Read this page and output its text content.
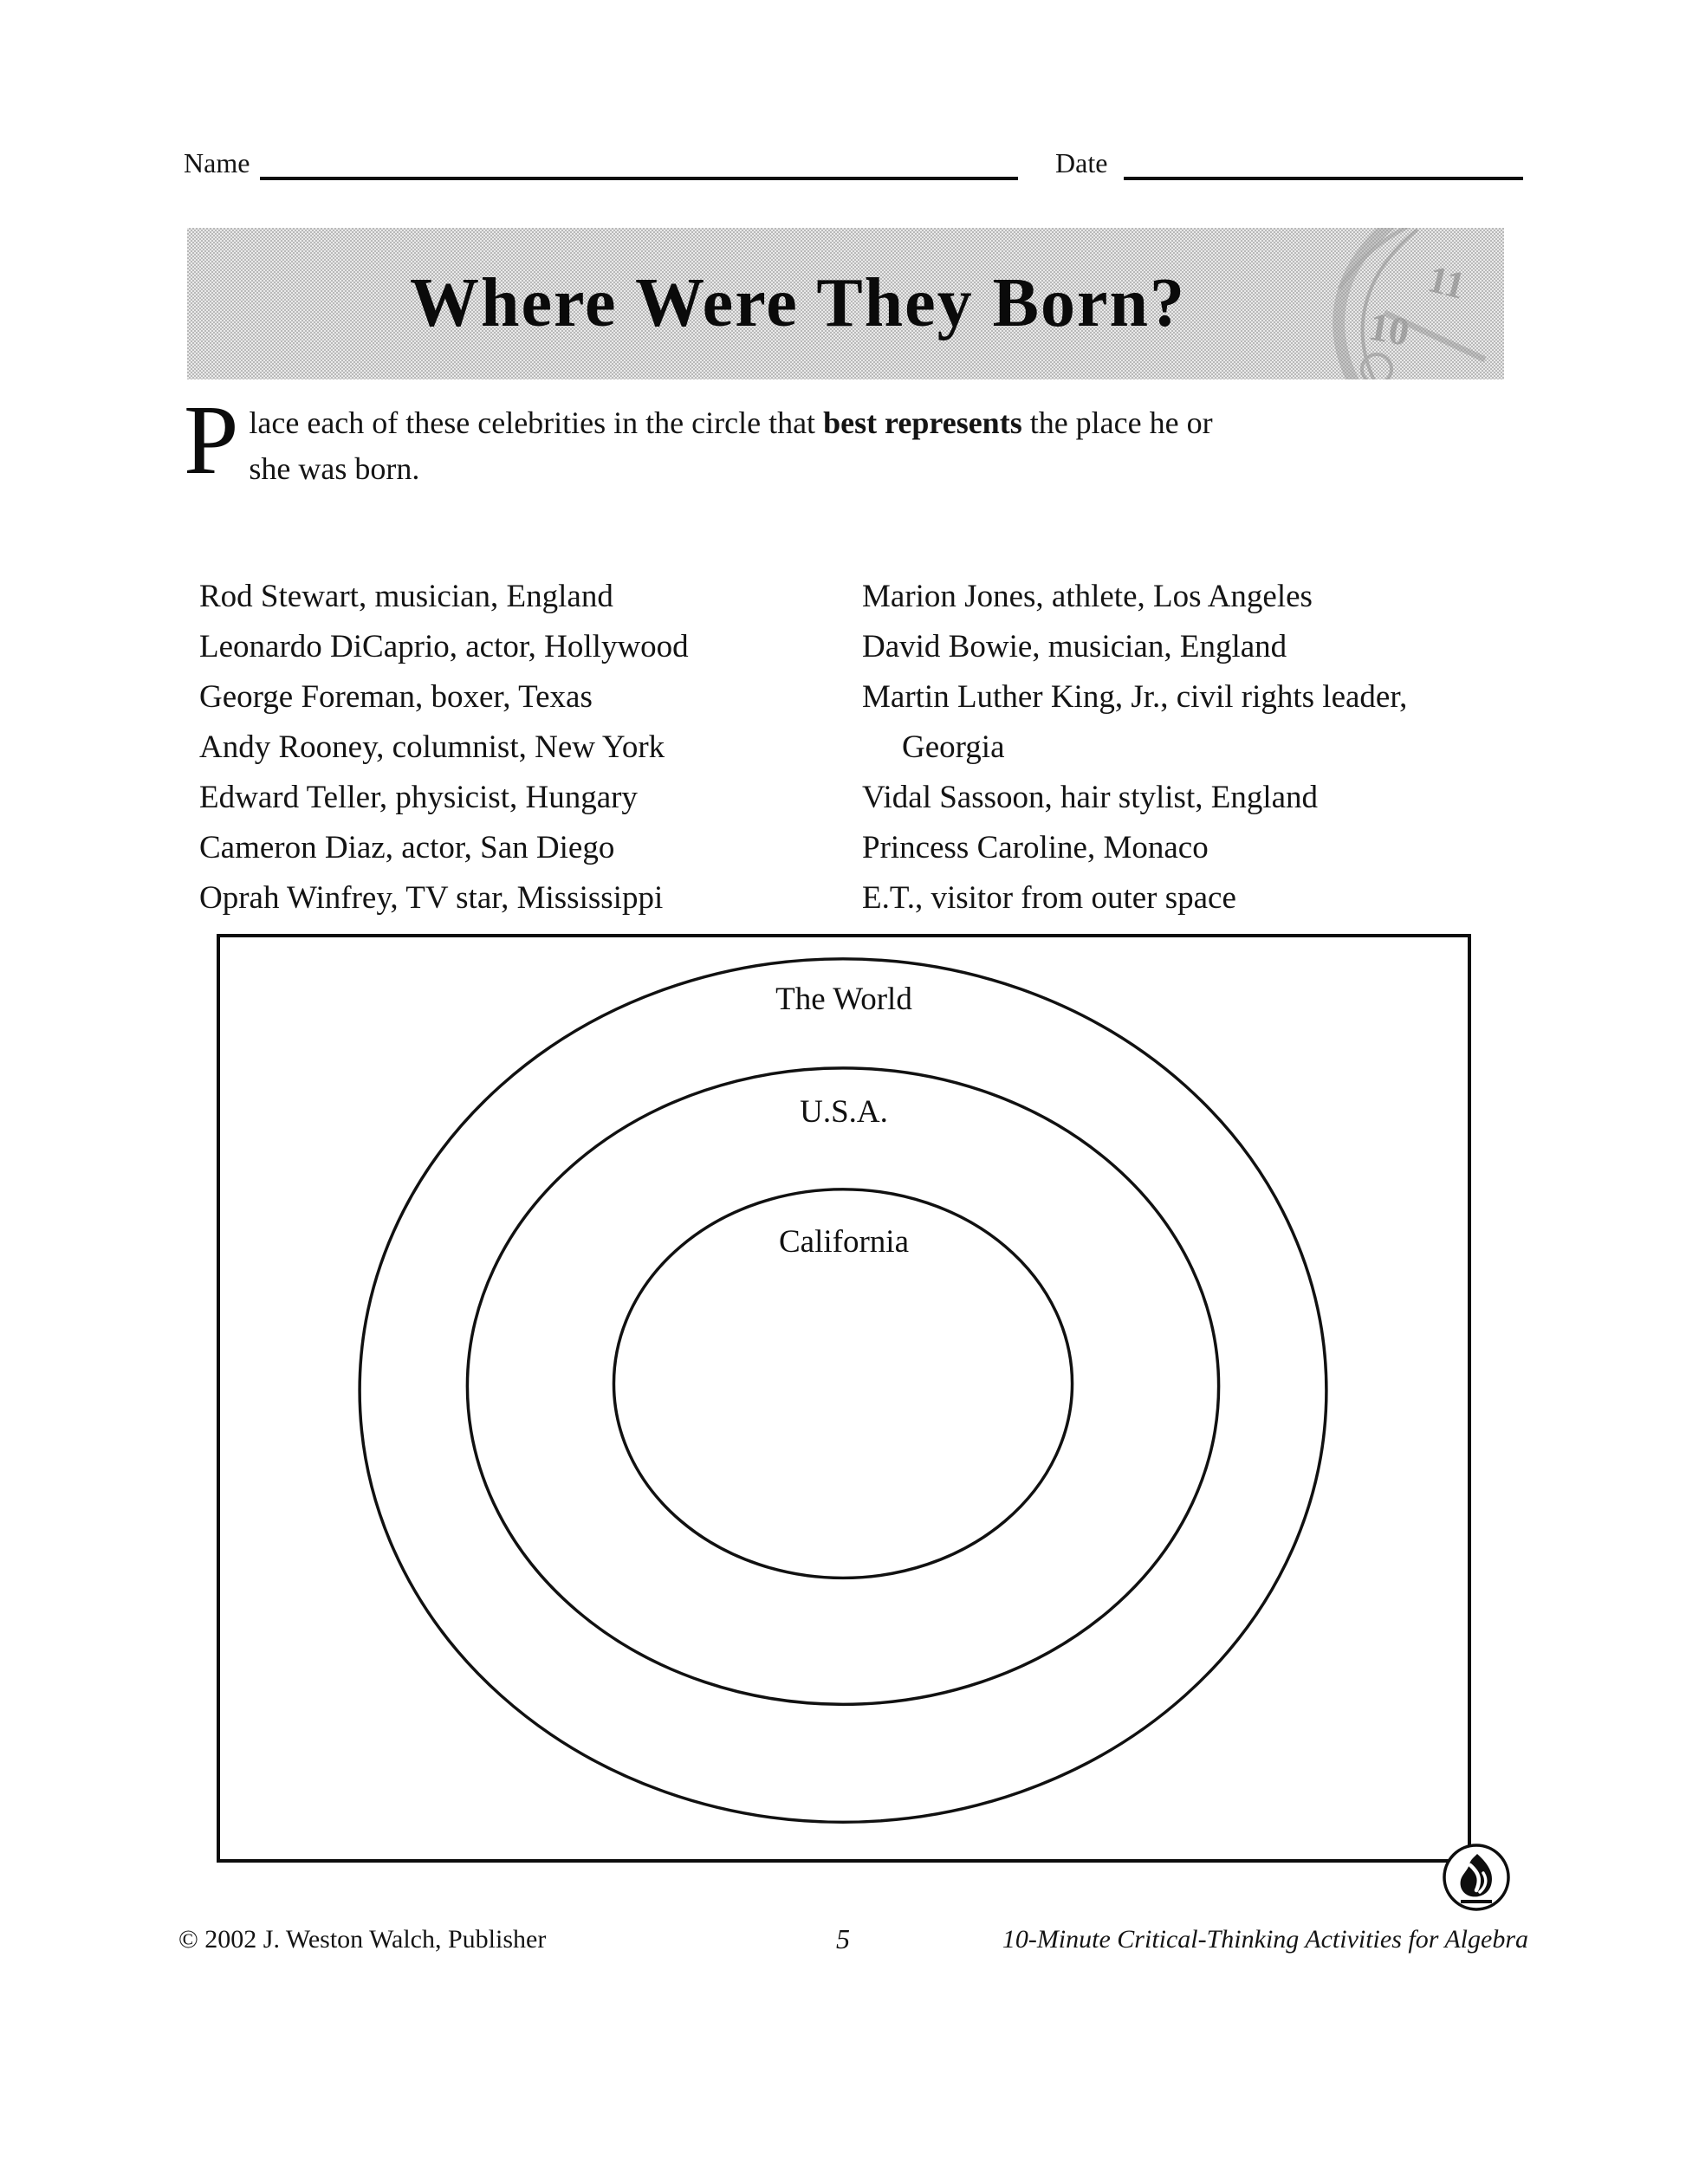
Name	Date
Where Were They Born?	11
10
P lace each of these celebrities in the circle that best represents the place he or
she was born.
Rod Stewart, musician, England
Leonardo DiCaprio, actor, Hollywood
George Foreman, boxer, Texas
Andy Rooney, columnist, New York
Edward Teller, physicist, Hungary
Cameron Diaz, actor, San Diego
Oprah Winfrey, TV star, Mississippi
Marion Jones, athlete, Los Angeles
David Bowie, musician, England
Martin Luther King, Jr., civil rights leader, Georgia
Vidal Sassoon, hair stylist, England
Princess Caroline, Monaco
E.T., visitor from outer space
The World
U.S.A.
California
© 2002 J. Weston Walch, Publisher	5	10-Minute Critical-Thinking Activities for Algebra
